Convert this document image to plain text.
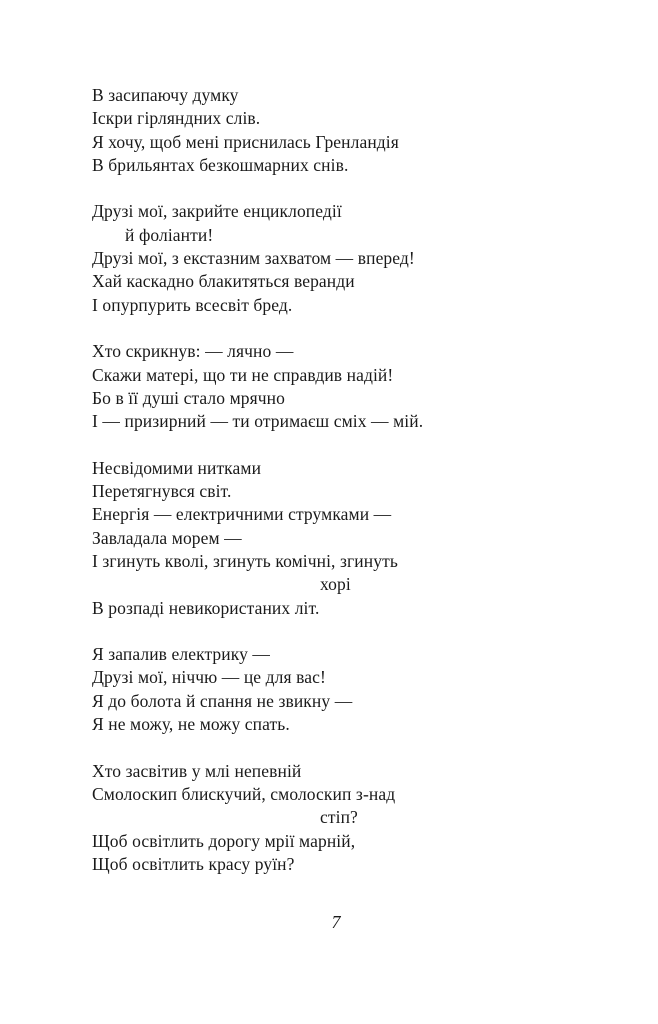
В засипаючу думку
Іскри гірляндних слів.
Я хочу, щоб мені приснилась Гренландія
В брильянтах безкошмарних снів.
Друзі мої, закрийте енциклопедії
й фоліанти!
Друзі мої, з екстазним захватом — вперед!
Хай каскадно блакитяться веранди
І опурпурить всесвіт бред.
Хто скрикнув: — лячно —
Скажи матері, що ти не справдив надій!
Бо в її душі стало мрячно
І — призирний — ти отримаєш сміх — мій.
Несвідомими нитками
Перетягнувся світ.
Енергія — електричними струмками —
Завладала морем —
І згинуть кволі, згинуть комічні, згинуть
хорі
В розпаді невикористаних літ.
Я запалив електрику —
Друзі мої, ніччю — це для вас!
Я до болота й спання не звикну —
Я не можу, не можу спать.
Хто засвітив у млі непевній
Смолоскип блискучий, смолоскип з-над
стіп?
Щоб освітлить дорогу мрії марній,
Щоб освітлить красу руїн?
7
